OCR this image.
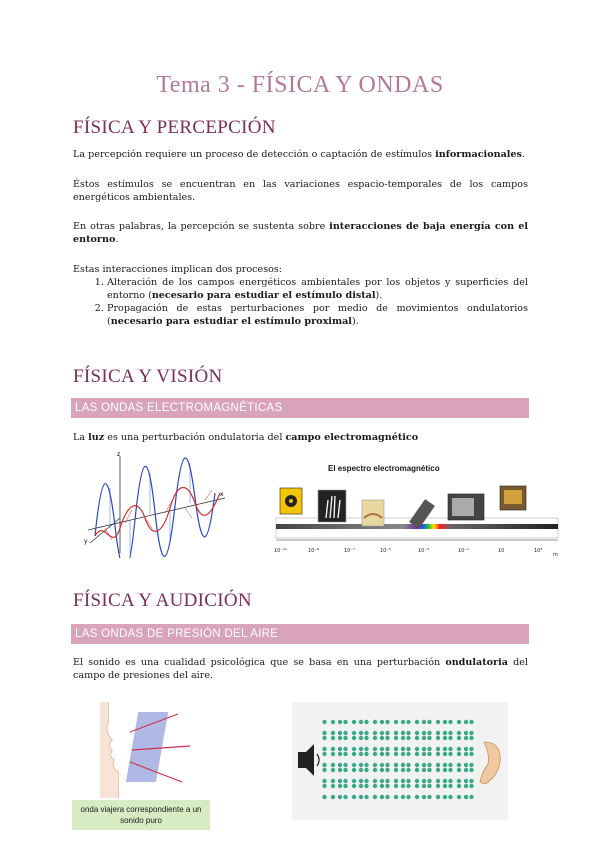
Tema 3 - FÍSICA Y ONDAS
FÍSICA Y PERCEPCIÓN
La percepción requiere un proceso de detección o captación de estímulos informacionales.
Éstos estímulos se encuentran en las variaciones espacio-temporales de los campos energéticos ambientales.
En otras palabras, la percepción se sustenta sobre interacciones de baja energía con el entorno.
Estas interacciones implican dos procesos:
1. Alteración de los campos energéticos ambientales por los objetos y superficies del entorno (necesario para estudiar el estímulo distal).
2. Propagación de estas perturbaciones por medio de movimientos ondulatorios (necesario para estudiar el estímulo proximal).
FÍSICA Y VISIÓN
LAS ONDAS ELECTROMAGNÉTICAS
La luz es una perturbación ondulatoria del campo electromagnético
z
x
y
El espectro electromagnético
10⁻¹¹	10⁻⁹	10⁻⁷	10⁻⁵	10⁻³	10⁻¹	10	10³
m
FÍSICA Y AUDICIÓN
LAS ONDAS DE PRESIÓN DEL AIRE
El sonido es una cualidad psicológica que se basa en una perturbación ondulatoria del campo de presiones del aire.
onda viajera correspondiente a un sonido puro
